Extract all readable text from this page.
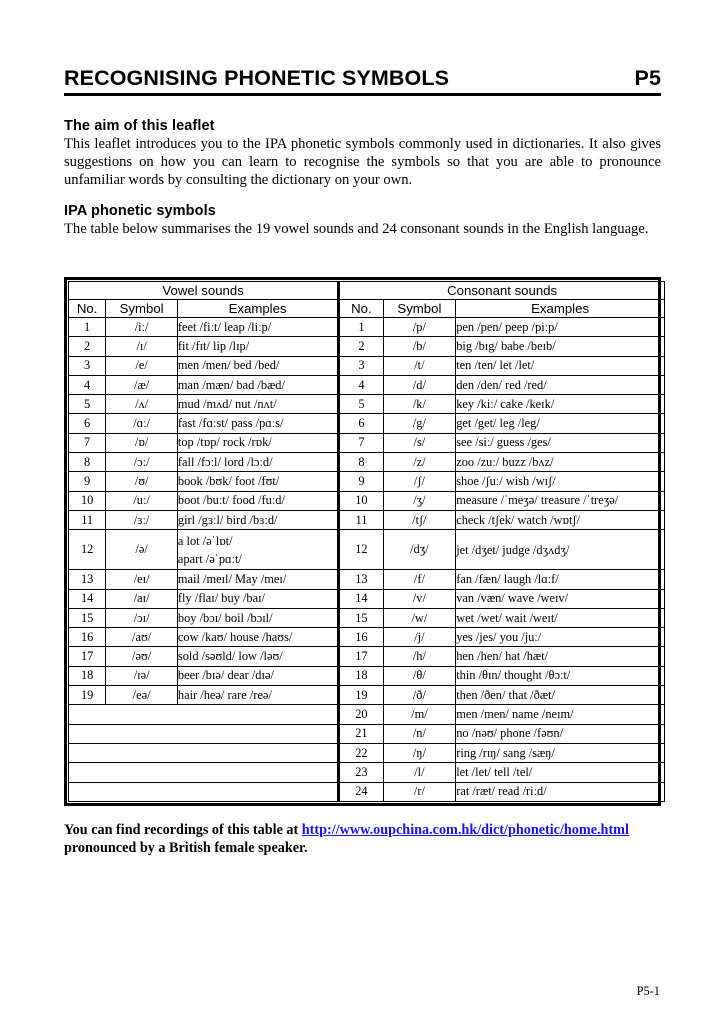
RECOGNISING PHONETIC SYMBOLS	P5
The aim of this leaflet

This leaflet introduces you to the IPA phonetic symbols commonly used in dictionaries. It also gives suggestions on how you can learn to recognise the symbols so that you are able to pronounce unfamiliar words by consulting the dictionary on your own.

IPA phonetic symbols

The table below summarises the 19 vowel sounds and 24 consonant sounds in the English language.

Vowel sounds			Consonant sounds		
No.	Symbol	Examples	No.	Symbol	Examples
1	/iː/	feet /fiːt/ leap /liːp/	1	/p/	pen /pen/ peep /piːp/
2	/ɪ/	fit /fɪt/ lip /lɪp/	2	/b/	big /bɪg/ babe /beɪb/
3	/e/	men /men/ bed /bed/	3	/t/	ten /ten/ let /let/
4	/æ/	man /mæn/ bad /bæd/	4	/d/	den /den/ red /red/
5	/ʌ/	mud /mʌd/ nut /nʌt/	5	/k/	key /kiː/ cake /keɪk/
6	/ɑː/	fast /fɑːst/ pass /pɑːs/	6	/g/	get /get/ leg /leg/
7	/ɒ/	top /tɒp/ rock /rɒk/	7	/s/	see /siː/ guess /ges/
8	/ɔː/	fall /fɔːl/ lord /lɔːd/	8	/z/	zoo /zuː/ buzz /bʌz/
9	/ʊ/	book /bʊk/ foot /fʊt/	9	/ʃ/	shoe /ʃuː/ wish /wɪʃ/
10	/uː/	boot /buːt/ food /fuːd/	10	/ʒ/	measure /ˈmeʒə/ treasure /ˈtreʒə/
11	/ɜː/	girl /gɜːl/ bird /bɜːd/	11	/tʃ/	check /tʃek/ watch /wɒtʃ/
12	/ə/	a lot /əˈlɒt/
apart /əˈpɑːt/	12	/dʒ/	jet /dʒet/ judge /dʒʌdʒ/
13	/eɪ/	mail /meɪl/ May /meɪ/	13	/f/	fan /fæn/ laugh /lɑːf/
14	/aɪ/	fly /flaɪ/ buy /baɪ/	14	/v/	van /væn/ wave /weɪv/
15	/ɔɪ/	boy /bɔɪ/ boil /bɔɪl/	15	/w/	wet /wet/ wait /weɪt/
16	/aʊ/	cow /kaʊ/ house /haʊs/	16	/j/	yes /jes/ you /juː/
17	/əʊ/	sold /səʊld/ low /ləʊ/	17	/h/	hen /hen/ hat /hæt/
18	/ɪə/	beer /bɪə/ dear /dɪə/	18	/θ/	thin /θɪn/ thought /θɔːt/
19	/eə/	hair /heə/ rare /reə/	19	/ð/	then /ðen/ that /ðæt/
			20	/m/	men /men/ name /neɪm/
			21	/n/	no /nəʊ/ phone /fəʊn/
			22	/ŋ/	ring /rɪŋ/ sang /sæŋ/
			23	/l/	let /let/ tell /tel/
			24	/r/	rat /ræt/ read /riːd/
You can find recordings of this table at http://www.oupchina.com.hk/dict/phonetic/home.html
pronounced by a British female speaker.
P5-1
